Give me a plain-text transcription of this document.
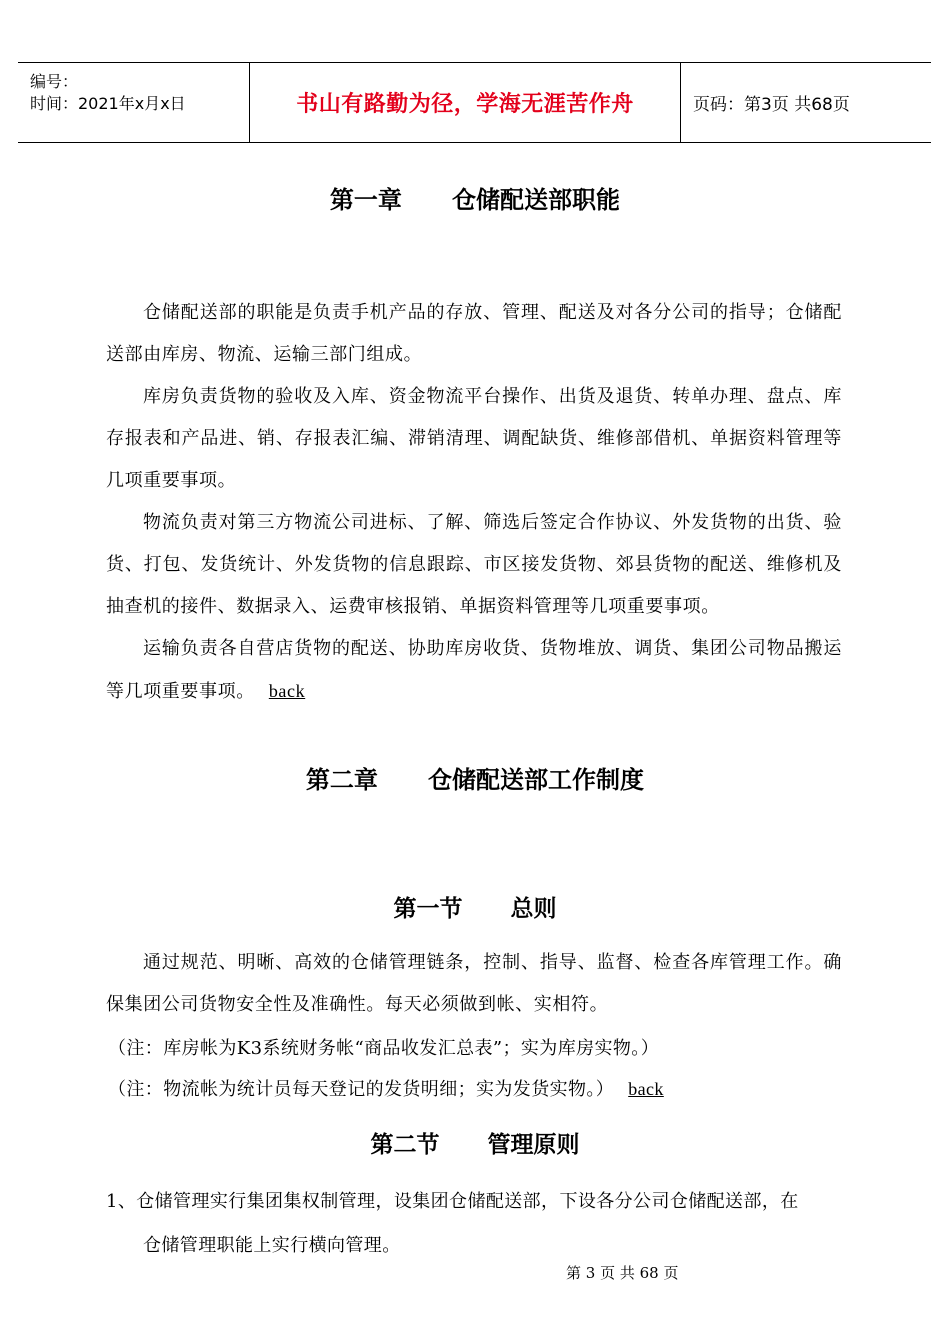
编号：
时间：2021年x月x日	书山有路勤为径，学海无涯苦作舟	页码：第3页 共68页
第一章      仓储配送部职能
仓储配送部的职能是负责手机产品的存放、管理、配送及对各分公司的指导；仓储配送部由库房、物流、运输三部门组成。
库房负责货物的验收及入库、资金物流平台操作、出货及退货、转单办理、盘点、库存报表和产品进、销、存报表汇编、滞销清理、调配缺货、维修部借机、单据资料管理等几项重要事项。
物流负责对第三方物流公司进标、了解、筛选后签定合作协议、外发货物的出货、验货、打包、发货统计、外发货物的信息跟踪、市区接发货物、郊县货物的配送、维修机及抽查机的接件、数据录入、运费审核报销、单据资料管理等几项重要事项。
运输负责各自营店货物的配送、协助库房收货、货物堆放、调货、集团公司物品搬运等几项重要事项。 back
第二章      仓储配送部工作制度
第一节      总则
通过规范、明晰、高效的仓储管理链条，控制、指导、监督、检查各库管理工作。确保集团公司货物安全性及准确性。每天必须做到帐、实相符。
（注：库房帐为K3系统财务帐“商品收发汇总表”；实为库房实物。）
（注：物流帐为统计员每天登记的发货明细；实为发货实物。） back
第二节      管理原则
1、仓储管理实行集团集权制管理，设集团仓储配送部，下设各分公司仓储配送部，在
仓储管理职能上实行横向管理。
第 3 页 共 68 页
